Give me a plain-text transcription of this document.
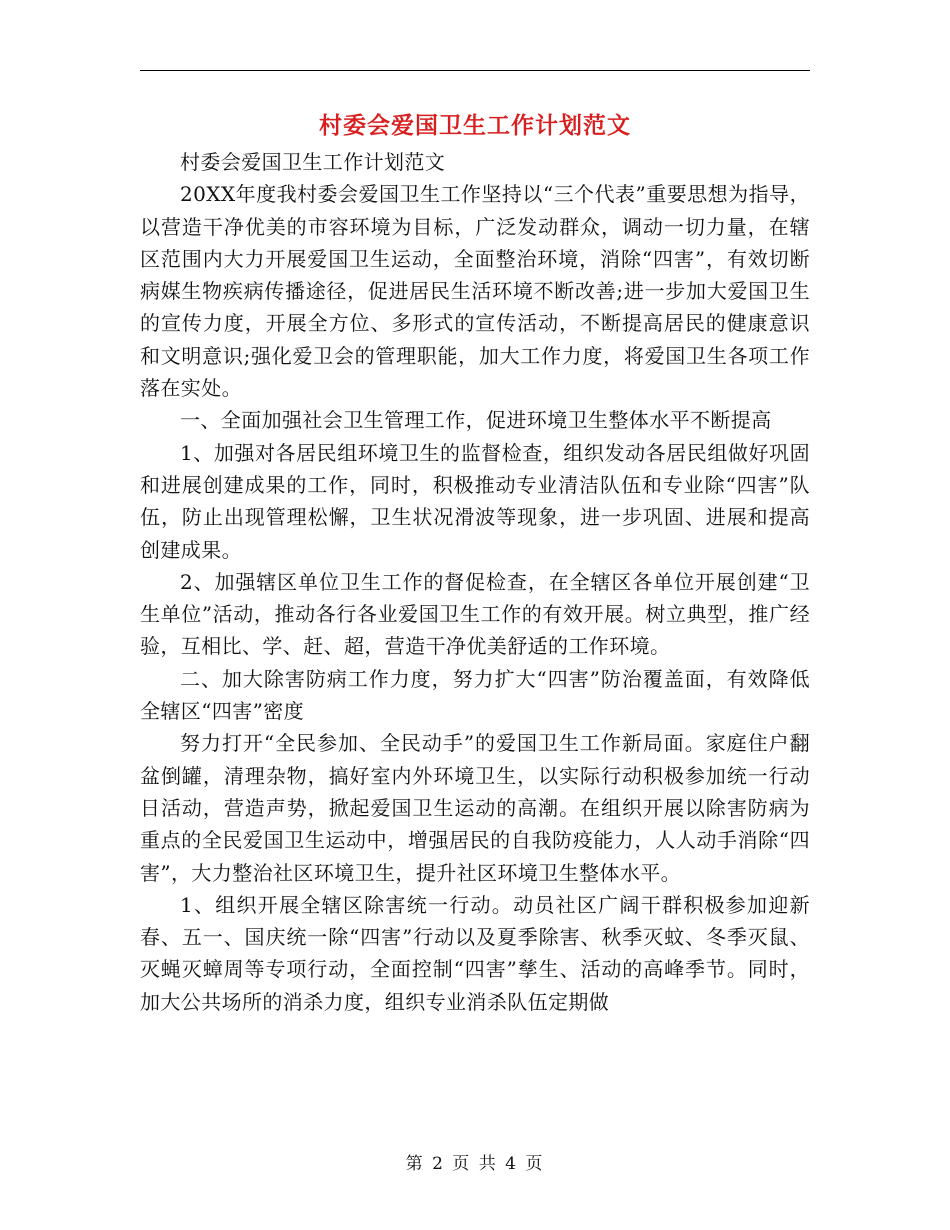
村委会爱国卫生工作计划范文

村委会爱国卫生工作计划范文

20XX年度我村委会爱国卫生工作坚持以“三个代表”重要思想为指导，以营造干净优美的市容环境为目标，广泛发动群众，调动一切力量，在辖区范围内大力开展爱国卫生运动，全面整治环境，消除“四害”，有效切断病媒生物疾病传播途径，促进居民生活环境不断改善;进一步加大爱国卫生的宣传力度，开展全方位、多形式的宣传活动，不断提高居民的健康意识和文明意识;强化爱卫会的管理职能，加大工作力度，将爱国卫生各项工作落在实处。

一、全面加强社会卫生管理工作，促进环境卫生整体水平不断提高

1、加强对各居民组环境卫生的监督检查，组织发动各居民组做好巩固和进展创建成果的工作，同时，积极推动专业清洁队伍和专业除“四害”队伍，防止出现管理松懈，卫生状况滑波等现象，进一步巩固、进展和提高创建成果。

2、加强辖区单位卫生工作的督促检查，在全辖区各单位开展创建“卫生单位”活动，推动各行各业爱国卫生工作的有效开展。树立典型，推广经验，互相比、学、赶、超，营造干净优美舒适的工作环境。

二、加大除害防病工作力度，努力扩大“四害”防治覆盖面，有效降低全辖区“四害”密度

努力打开“全民参加、全民动手”的爱国卫生工作新局面。家庭住户翻盆倒罐，清理杂物，搞好室内外环境卫生，以实际行动积极参加统一行动日活动，营造声势，掀起爱国卫生运动的高潮。在组织开展以除害防病为重点的全民爱国卫生运动中，增强居民的自我防疫能力，人人动手消除“四害”，大力整治社区环境卫生，提升社区环境卫生整体水平。

1、组织开展全辖区除害统一行动。动员社区广阔干群积极参加迎新春、五一、国庆统一除“四害”行动以及夏季除害、秋季灭蚊、冬季灭鼠、灭蝇灭蟑周等专项行动，全面控制“四害”孳生、活动的高峰季节。同时，加大公共场所的消杀力度，组织专业消杀队伍定期做

第 2 页 共 4 页
